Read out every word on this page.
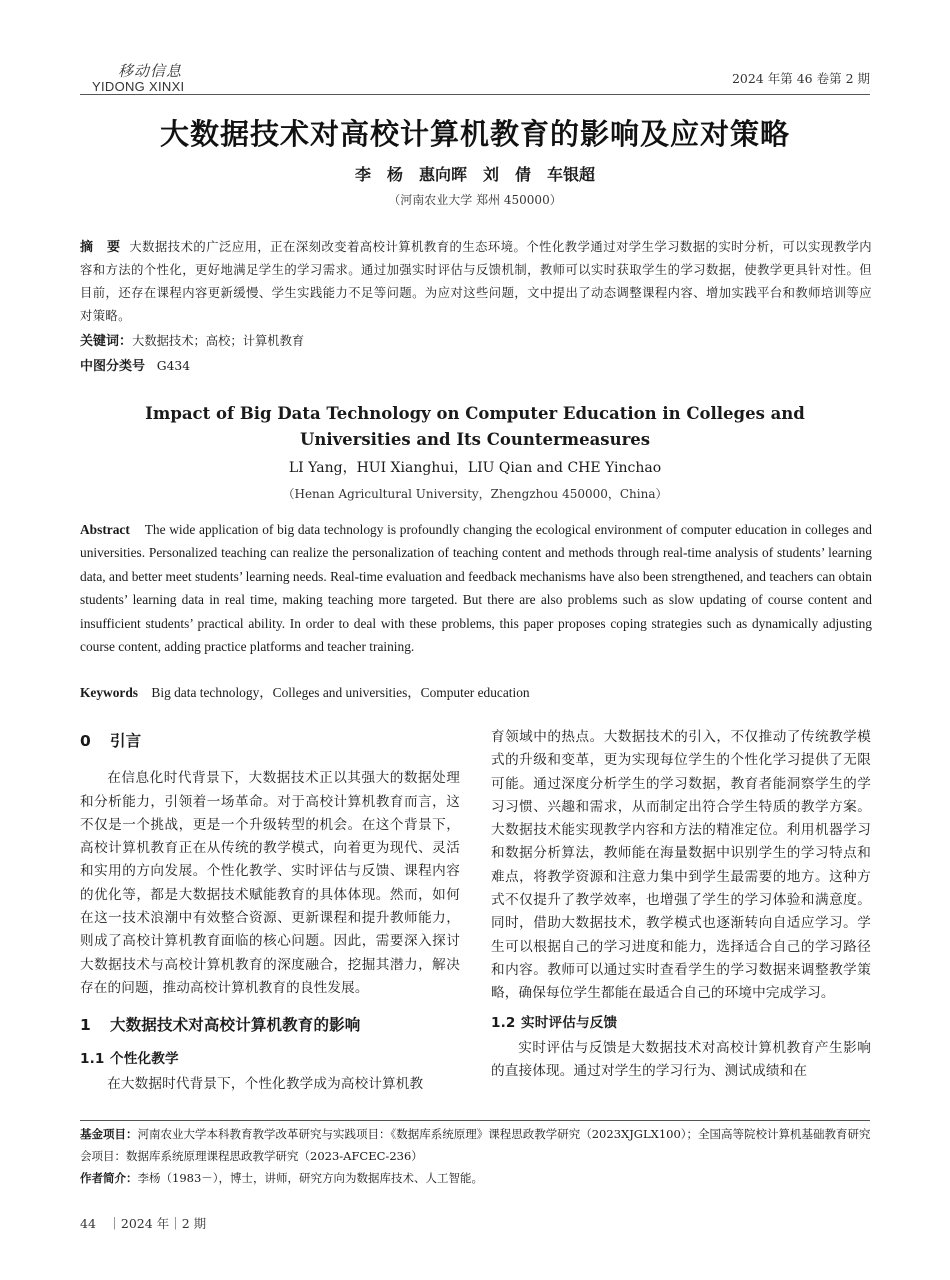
移动信息
YIDONG XINXI
2024 年第 46 卷第 2 期
大数据技术对高校计算机教育的影响及应对策略
李　杨　惠向晖　刘　倩　车银超
（河南农业大学 郑州 450000）
摘　要 大数据技术的广泛应用，正在深刻改变着高校计算机教育的生态环境。个性化教学通过对学生学习数据的实时分析，可以实现教学内容和方法的个性化，更好地满足学生的学习需求。通过加强实时评估与反馈机制，教师可以实时获取学生的学习数据，使教学更具针对性。但目前，还存在课程内容更新缓慢、学生实践能力不足等问题。为应对这些问题，文中提出了动态调整课程内容、增加实践平台和教师培训等应对策略。
关键词：大数据技术；高校；计算机教育
中图分类号 G434
Impact of Big Data Technology on Computer Education in Colleges and
Universities and Its Countermeasures
LI Yang，HUI Xianghui，LIU Qian and CHE Yinchao
（Henan Agricultural University，Zhengzhou 450000，China）
Abstract The wide application of big data technology is profoundly changing the ecological environment of computer education in colleges and universities. Personalized teaching can realize the personalization of teaching content and methods through real-time analysis of students’ learning data, and better meet students’ learning needs. Real-time evaluation and feedback mechanisms have also been strengthened, and teachers can obtain students’ learning data in real time, making teaching more targeted. But there are also problems such as slow updating of course content and insufficient students’ practical ability. In order to deal with these problems, this paper proposes coping strategies such as dynamically adjusting course content, adding practice platforms and teacher training.
Keywords Big data technology，Colleges and universities，Computer education
0 引言

在信息化时代背景下，大数据技术正以其强大的数据处理和分析能力，引领着一场革命。对于高校计算机教育而言，这不仅是一个挑战，更是一个升级转型的机会。在这个背景下，高校计算机教育正在从传统的教学模式，向着更为现代、灵活和实用的方向发展。个性化教学、实时评估与反馈、课程内容的优化等，都是大数据技术赋能教育的具体体现。然而，如何在这一技术浪潮中有效整合资源、更新课程和提升教师能力，则成了高校计算机教育面临的核心问题。因此，需要深入探讨大数据技术与高校计算机教育的深度融合，挖掘其潜力，解决存在的问题，推动高校计算机教育的良性发展。

1 大数据技术对高校计算机教育的影响
1.1 个性化教学

在大数据时代背景下，个性化教学成为高校计算机教

育领域中的热点。大数据技术的引入，不仅推动了传统教学模式的升级和变革，更为实现每位学生的个性化学习提供了无限可能。通过深度分析学生的学习数据，教育者能洞察学生的学习习惯、兴趣和需求，从而制定出符合学生特质的教学方案。大数据技术能实现教学内容和方法的精准定位。利用机器学习和数据分析算法，教师能在海量数据中识别学生的学习特点和难点，将教学资源和注意力集中到学生最需要的地方。这种方式不仅提升了教学效率，也增强了学生的学习体验和满意度。同时，借助大数据技术，教学模式也逐渐转向自适应学习。学生可以根据自己的学习进度和能力，选择适合自己的学习路径和内容。教师可以通过实时查看学生的学习数据来调整教学策略，确保每位学生都能在最适合自己的环境中完成学习。

1.2 实时评估与反馈

实时评估与反馈是大数据技术对高校计算机教育产生影响的直接体现。通过对学生的学习行为、测试成绩和在

基金项目：河南农业大学本科教育教学改革研究与实践项目：《数据库系统原理》课程思政教学研究（2023XJGLX100）；全国高等院校计算机基础教育研究会项目：数据库系统原理课程思政教学研究（2023-AFCEC-236）
作者简介：李杨（1983－），博士，讲师，研究方向为数据库技术、人工智能。
44　｜2024 年｜2 期
